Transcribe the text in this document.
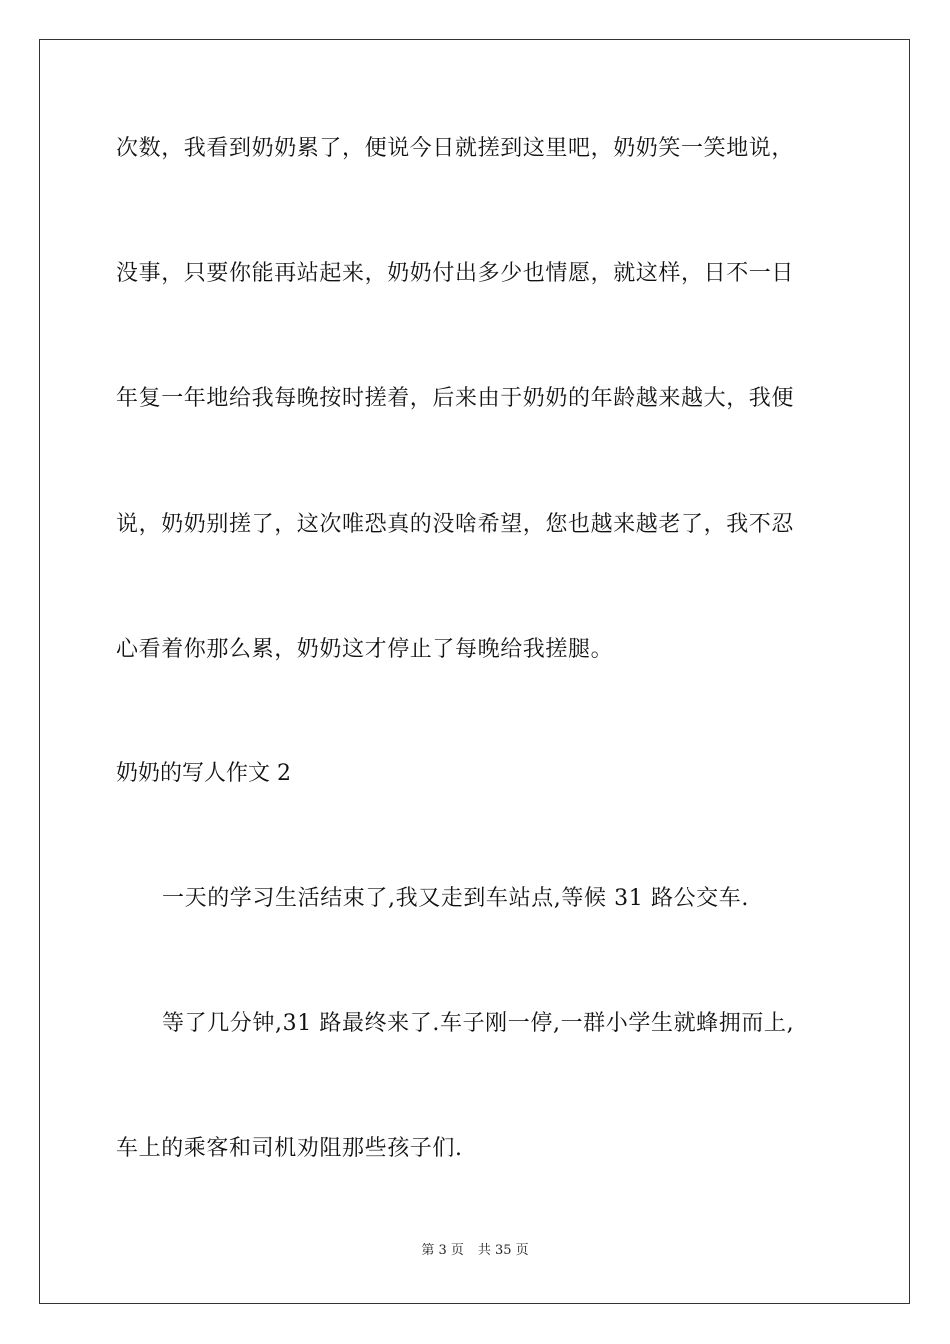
次数，我看到奶奶累了，便说今日就搓到这里吧，奶奶笑一笑地说，
没事，只要你能再站起来，奶奶付出多少也情愿，就这样，日不一日
年复一年地给我每晚按时搓着，后来由于奶奶的年龄越来越大，我便
说，奶奶别搓了，这次唯恐真的没啥希望，您也越来越老了，我不忍
心看着你那么累，奶奶这才停止了每晚给我搓腿。
奶奶的写人作文 2
一天的学习生活结束了,我又走到车站点,等候 31 路公交车.
等了几分钟,31 路最终来了.车子刚一停,一群小学生就蜂拥而上,
车上的乘客和司机劝阻那些孩子们.
第 3 页 共 35 页
